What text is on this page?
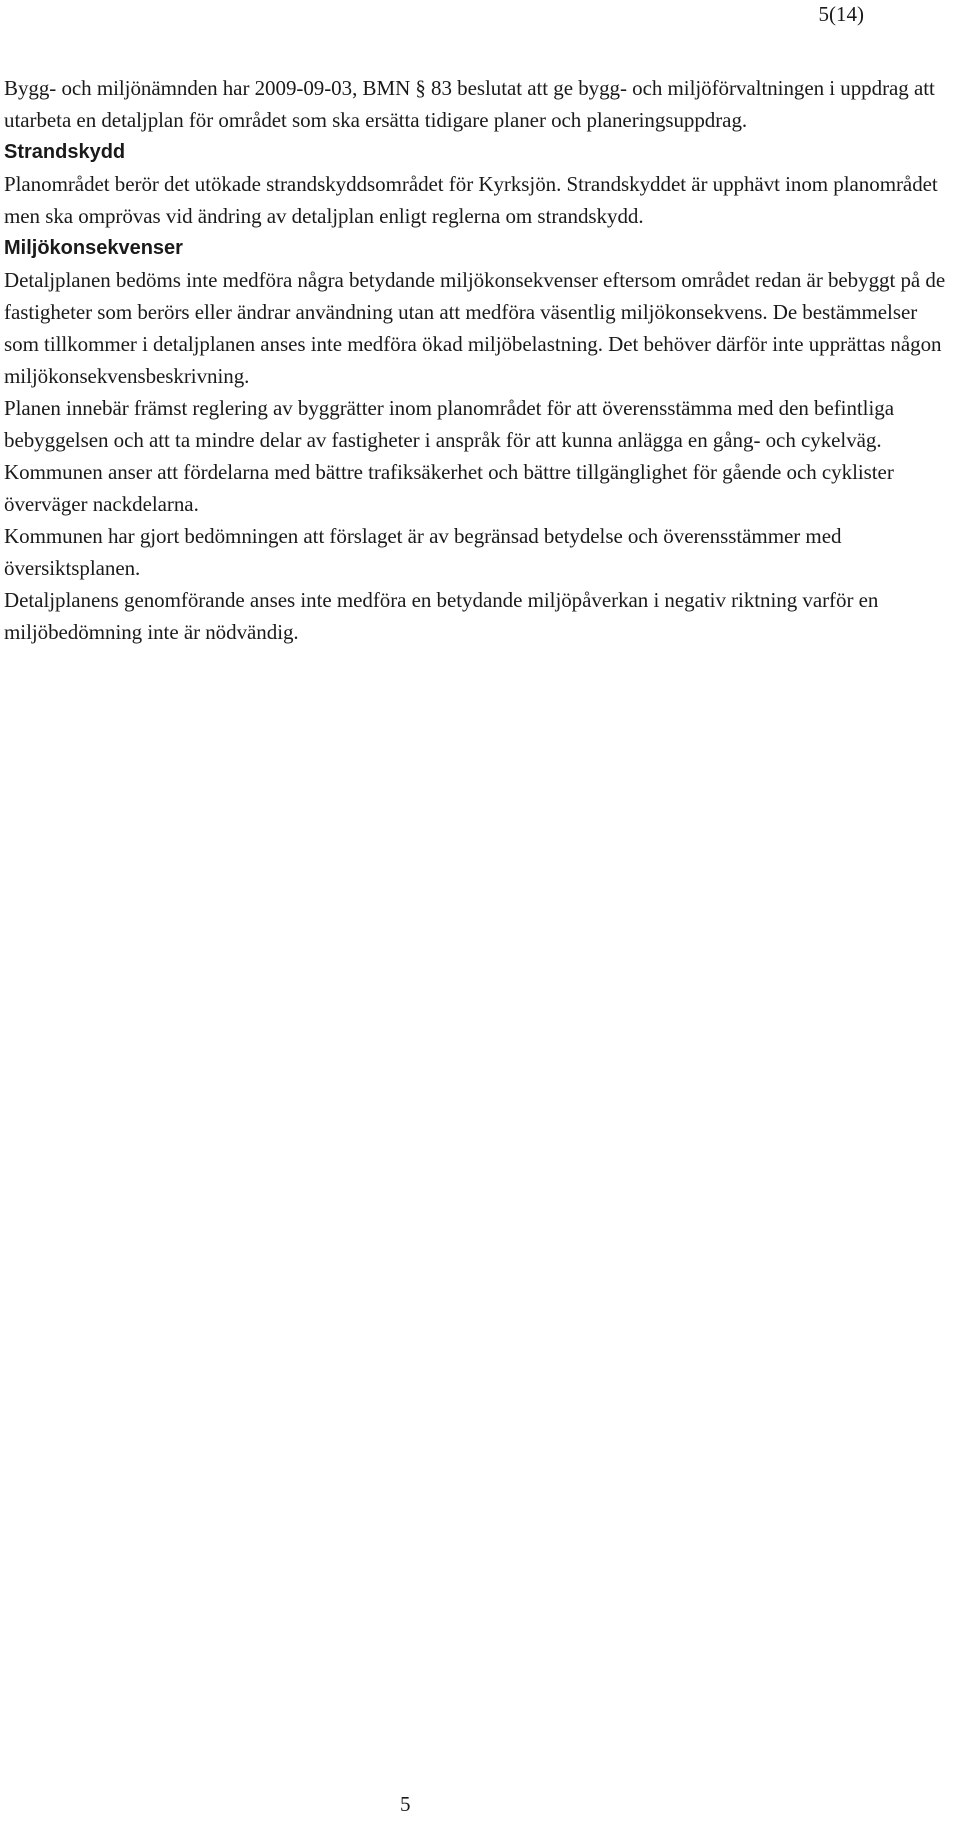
5(14)

Bygg- och miljönämnden har 2009-09-03, BMN § 83 beslutat att ge bygg- och miljöförvaltningen i uppdrag att utarbeta en detaljplan för området som ska ersätta tidigare planer och planeringsuppdrag.

Strandskydd

Planområdet berör det utökade strandskyddsområdet för Kyrksjön. Strandskyddet är upphävt inom planområdet men ska omprövas vid ändring av detaljplan enligt reglerna om strandskydd.

Miljökonsekvenser

Detaljplanen bedöms inte medföra några betydande miljökonsekvenser eftersom området redan är bebyggt på de fastigheter som berörs eller ändrar användning utan att medföra väsentlig miljökonsekvens. De bestämmelser som tillkommer i detaljplanen anses inte medföra ökad miljöbelastning. Det behöver därför inte upprättas någon miljökonsekvensbeskrivning.

Planen innebär främst reglering av byggrätter inom planområdet för att överensstämma med den befintliga bebyggelsen och att ta mindre delar av fastigheter i anspråk för att kunna anlägga en gång- och cykelväg. Kommunen anser att fördelarna med bättre trafiksäkerhet och bättre tillgänglighet för gående och cyklister överväger nackdelarna.

Kommunen har gjort bedömningen att förslaget är av begränsad betydelse och överensstämmer med översiktsplanen.

Detaljplanens genomförande anses inte medföra en betydande miljöpåverkan i negativ riktning varför en miljöbedömning inte är nödvändig.

5
